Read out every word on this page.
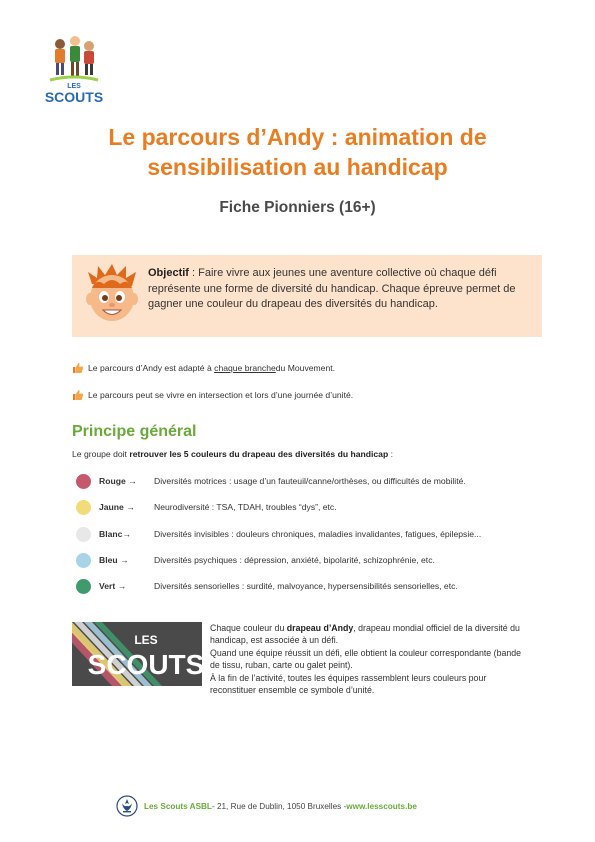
LES
SCOUTS
Le parcours d’Andy : animation de
sensibilisation au handicap
Fiche Pionniers (16+)

Objectif : Faire vivre aux jeunes une aventure collective où chaque défi représente une forme de diversité du handicap. Chaque épreuve permet de gagner une couleur du drapeau des diversités du handicap.

Le parcours d’Andy est adapté à
chaque branche du Mouvement.
Le parcours peut se vivre en intersection et lors d’une journée d’unité.
Principe général

Le groupe doit retrouver les 5 couleurs du drapeau des diversités du handicap :

Rouge → Diversités motrices : usage d’un fauteuil/canne/orthèses, ou difficultés de mobilité.
Jaune → Neurodiversité : TSA, TDAH, troubles “dys”, etc.
Blanc→	Diversités invisibles : douleurs chroniques, maladies invalidantes, fatigues, épilepsie...
Bleu →	Diversités psychiques : dépression, anxiété, bipolarité, schizophrénie, etc.
Vert →	Diversités sensorielles : surdité, malvoyance, hypersensibilités sensorielles, etc.
LES
SCOUTS
Chaque couleur du drapeau d’Andy, drapeau mondial officiel de la diversité du handicap, est associée à un défi.
Quand une équipe réussit un défi, elle obtient la couleur correspondante (bande de tissu, ruban, carte ou galet peint).
À la fin de l’activité, toutes les équipes rassemblent leurs couleurs pour reconstituer ensemble ce symbole d’unité.
Les Scouts ASBL - 21, Rue de Dublin, 1050 Bruxelles - www.lesscouts.be
